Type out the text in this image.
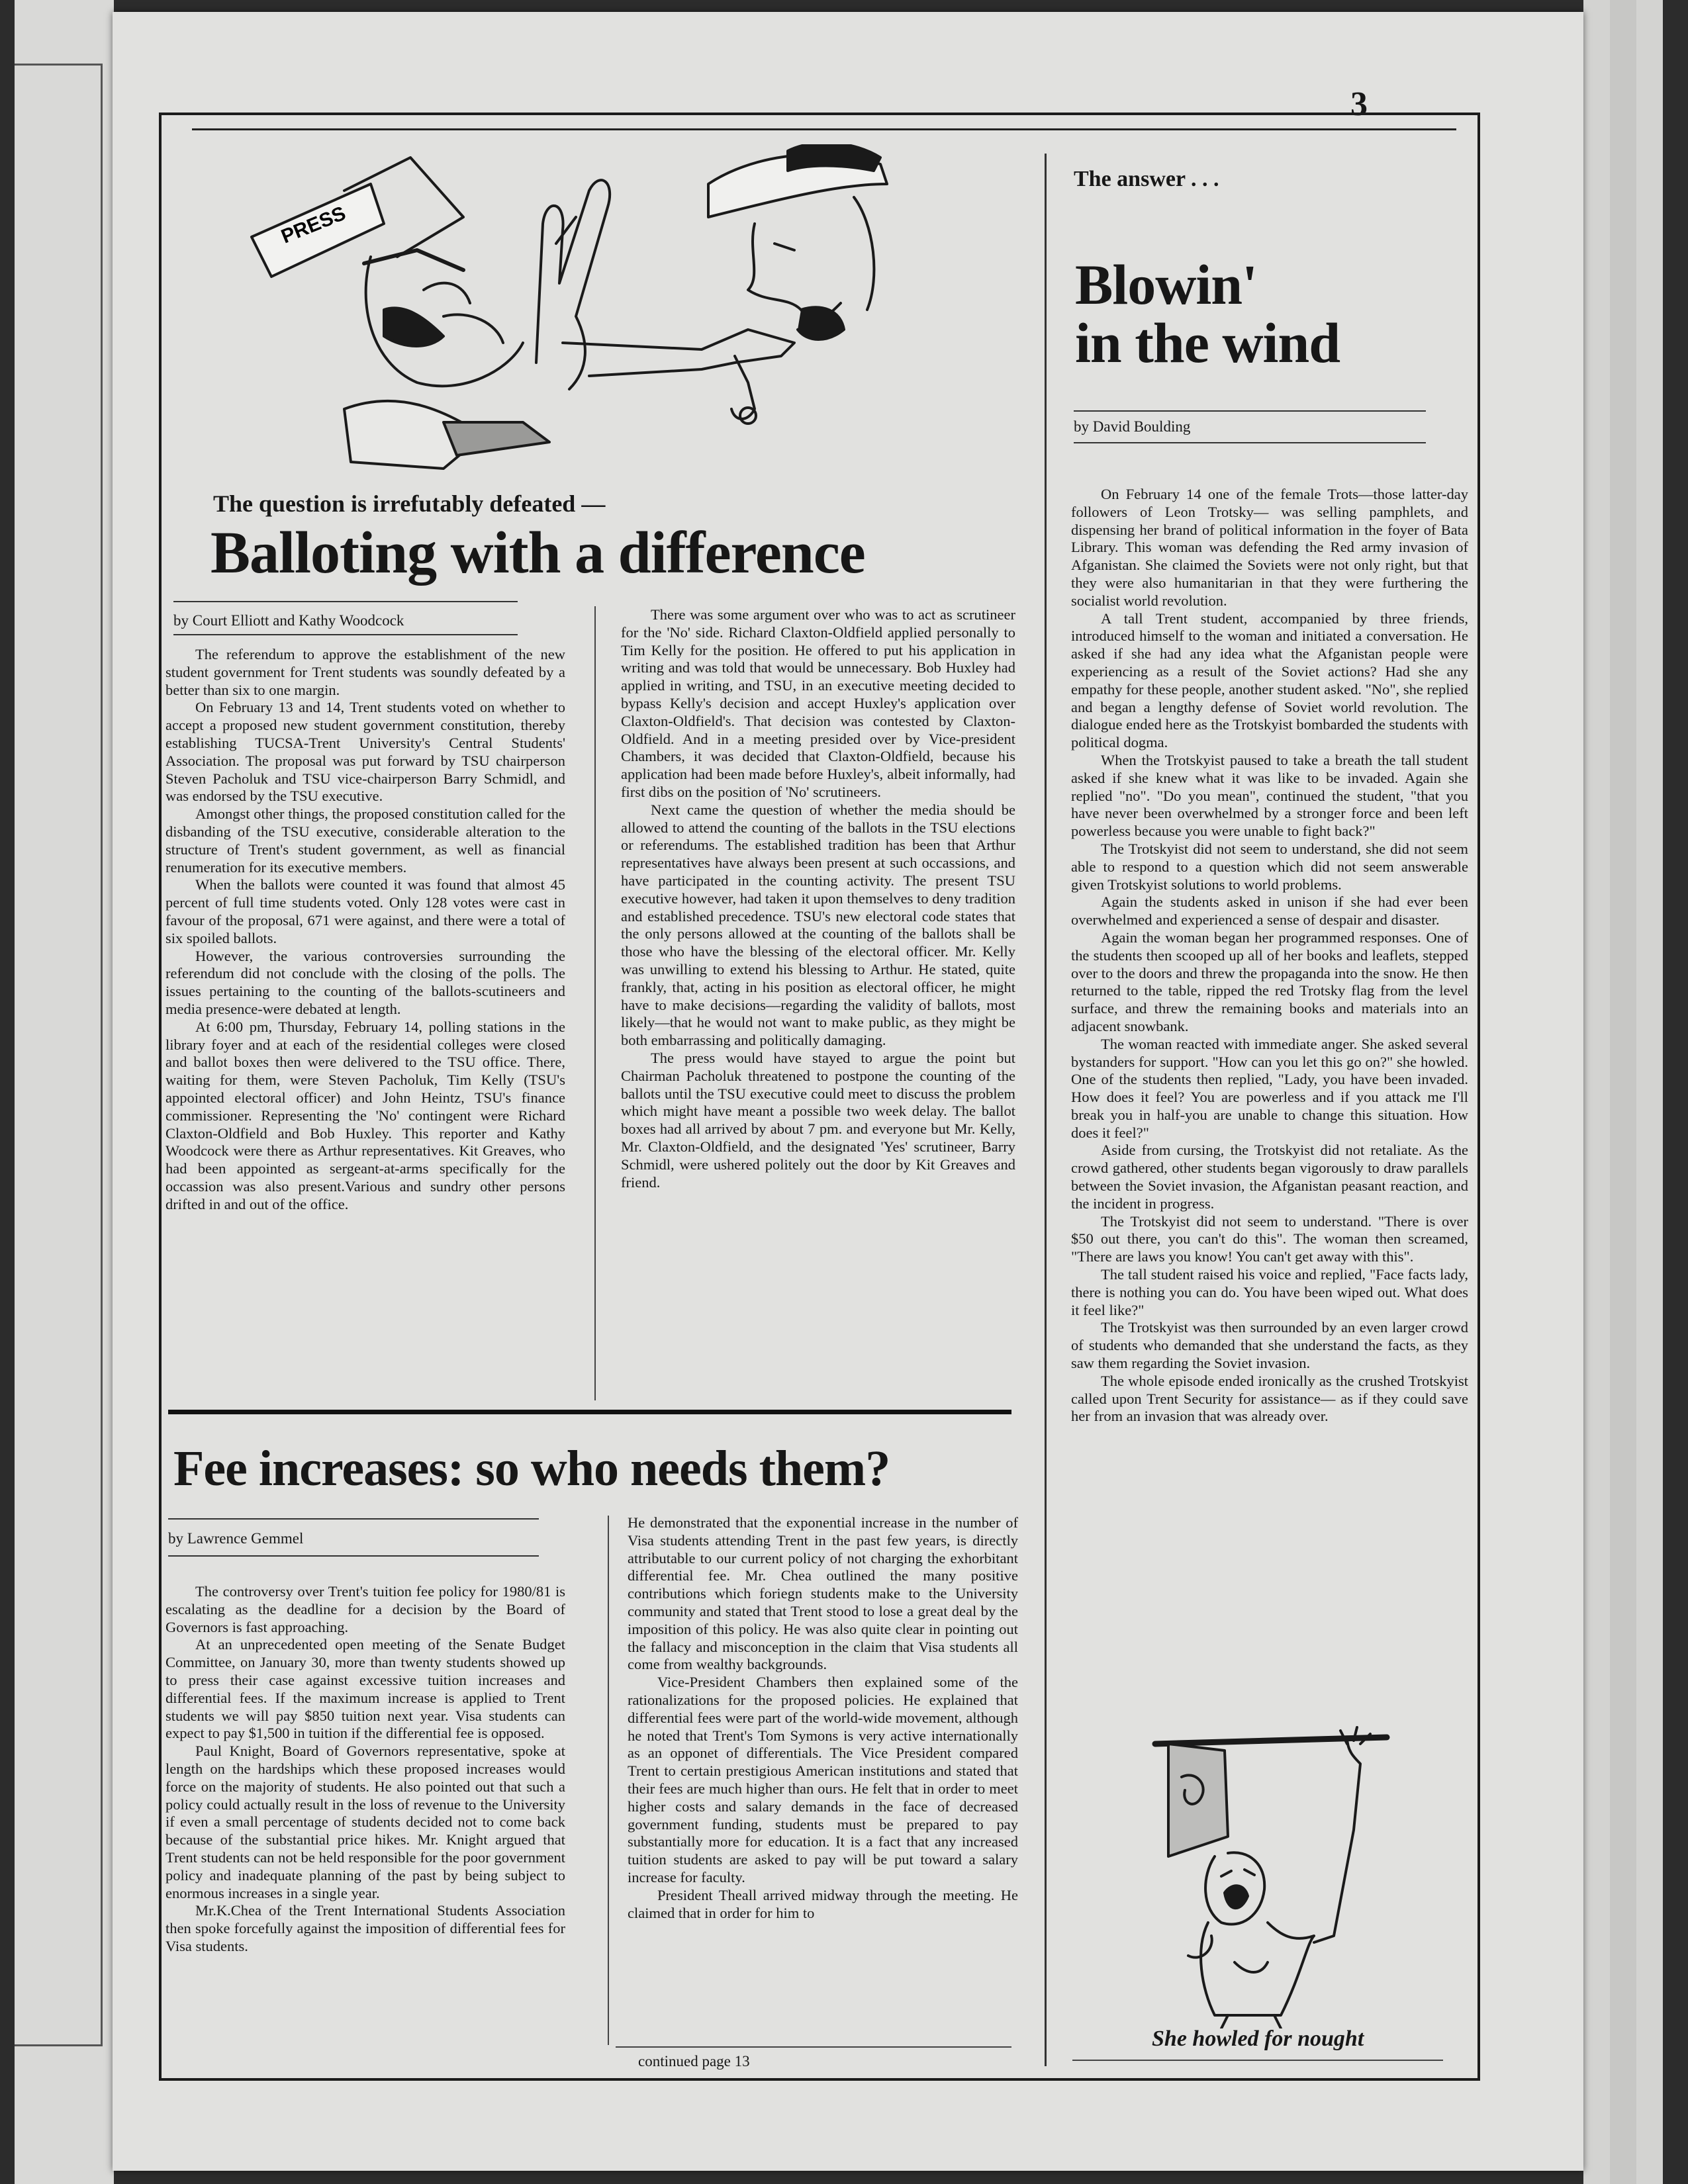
3
PRESS
The question is irrefutably defeated —
Balloting with a difference

by Court Elliott and Kathy Woodcock

The referendum to approve the establishment of the new student government for Trent students was soundly defeated by a better than six to one margin.

On February 13 and 14, Trent students voted on whether to accept a proposed new student government constitution, thereby establishing TUCSA-Trent University's Central Students' Association. The proposal was put forward by TSU chairperson Steven Pacholuk and TSU vice-chairperson Barry Schmidl, and was endorsed by the TSU executive.

Amongst other things, the proposed constitution called for the disbanding of the TSU executive, considerable alteration to the structure of Trent's student government, as well as financial renumeration for its executive members.

When the ballots were counted it was found that almost 45 percent of full time students voted. Only 128 votes were cast in favour of the proposal, 671 were against, and there were a total of six spoiled ballots.

However, the various controversies surrounding the referendum did not conclude with the closing of the polls. The issues pertaining to the counting of the ballots-scutineers and media presence-were debated at length.

At 6:00 pm, Thursday, February 14, polling stations in the library foyer and at each of the residential colleges were closed and ballot boxes then were delivered to the TSU office. There, waiting for them, were Steven Pacholuk, Tim Kelly (TSU's appointed electoral officer) and John Heintz, TSU's finance commissioner. Representing the 'No' contingent were Richard Claxton-Oldfield and Bob Huxley. This reporter and Kathy Woodcock were there as Arthur representatives. Kit Greaves, who had been appointed as sergeant-at-arms specifically for the occassion was also present.Various and sundry other persons drifted in and out of the office.

There was some argument over who was to act as scrutineer for the 'No' side. Richard Claxton-Oldfield applied personally to Tim Kelly for the position. He offered to put his application in writing and was told that would be unnecessary. Bob Huxley had applied in writing, and TSU, in an executive meeting decided to bypass Kelly's decision and accept Huxley's application over Claxton-Oldfield's. That decision was contested by Claxton-Oldfield. And in a meeting presided over by Vice-president Chambers, it was decided that Claxton-Oldfield, because his application had been made before Huxley's, albeit informally, had first dibs on the position of 'No' scrutineers.

Next came the question of whether the media should be allowed to attend the counting of the ballots in the TSU elections or referendums. The established tradition has been that Arthur representatives have always been present at such occassions, and have participated in the counting activity. The present TSU executive however, had taken it upon themselves to deny tradition and established precedence. TSU's new electoral code states that the only persons allowed at the counting of the ballots shall be those who have the blessing of the electoral officer. Mr. Kelly was unwilling to extend his blessing to Arthur. He stated, quite frankly, that, acting in his position as electoral officer, he might have to make decisions—regarding the validity of ballots, most likely—that he would not want to make public, as they might be both embarrassing and politically damaging.

The press would have stayed to argue the point but Chairman Pacholuk threatened to postpone the counting of the ballots until the TSU executive could meet to discuss the problem which might have meant a possible two week delay. The ballot boxes had all arrived by about 7 pm. and everyone but Mr. Kelly, Mr. Claxton-Oldfield, and the designated 'Yes' scrutineer, Barry Schmidl, were ushered politely out the door by Kit Greaves and friend.

Fee increases: so who needs them?

by Lawrence Gemmel

The controversy over Trent's tuition fee policy for 1980/81 is escalating as the deadline for a decision by the Board of Governors is fast approaching.

At an unprecedented open meeting of the Senate Budget Committee, on January 30, more than twenty students showed up to press their case against excessive tuition increases and differential fees. If the maximum increase is applied to Trent students we will pay $850 tuition next year. Visa students can expect to pay $1,500 in tuition if the differential fee is opposed.

Paul Knight, Board of Governors representative, spoke at length on the hardships which these proposed increases would force on the majority of students. He also pointed out that such a policy could actually result in the loss of revenue to the University if even a small percentage of students decided not to come back because of the substantial price hikes. Mr. Knight argued that Trent students can not be held responsible for the poor government policy and inadequate planning of the past by being subject to enormous increases in a single year.

Mr.K.Chea of the Trent International Students Association then spoke forcefully against the imposition of differential fees for Visa students.

He demonstrated that the exponential increase in the number of Visa students attending Trent in the past few years, is directly attributable to our current policy of not charging the exhorbitant differential fee. Mr. Chea outlined the many positive contributions which foriegn students make to the University community and stated that Trent stood to lose a great deal by the imposition of this policy. He was also quite clear in pointing out the fallacy and misconception in the claim that Visa students all come from wealthy backgrounds.

Vice-President Chambers then explained some of the rationalizations for the proposed policies. He explained that differential fees were part of the world-wide movement, although he noted that Trent's Tom Symons is very active internationally as an opponet of differentials. The Vice President compared Trent to certain prestigious American institutions and stated that their fees are much higher than ours. He felt that in order to meet higher costs and salary demands in the face of decreased government funding, students must be prepared to pay substantially more for education. It is a fact that any increased tuition students are asked to pay will be put toward a salary increase for faculty.

President Theall arrived midway through the meeting. He claimed that in order for him to

continued page 13
The answer . . .
Blowin'
in the wind

by David Boulding

On February 14 one of the female Trots—those latter-day followers of Leon Trotsky— was selling pamphlets, and dispensing her brand of political information in the foyer of Bata Library. This woman was defending the Red army invasion of Afganistan. She claimed the Soviets were not only right, but that they were also humanitarian in that they were furthering the socialist world revolution.

A tall Trent student, accompanied by three friends, introduced himself to the woman and initiated a conversation. He asked if she had any idea what the Afganistan people were experiencing as a result of the Soviet actions? Had she any empathy for these people, another student asked. "No", she replied and began a lengthy defense of Soviet world revolution. The dialogue ended here as the Trotskyist bombarded the students with political dogma.

When the Trotskyist paused to take a breath the tall student asked if she knew what it was like to be invaded. Again she replied "no". "Do you mean", continued the student, "that you have never been overwhelmed by a stronger force and been left powerless because you were unable to fight back?"

The Trotskyist did not seem to understand, she did not seem able to respond to a question which did not seem answerable given Trotskyist solutions to world problems.

Again the students asked in unison if she had ever been overwhelmed and experienced a sense of despair and disaster.

Again the woman began her programmed responses. One of the students then scooped up all of her books and leaflets, stepped over to the doors and threw the propaganda into the snow. He then returned to the table, ripped the red Trotsky flag from the level surface, and threw the remaining books and materials into an adjacent snowbank.

The woman reacted with immediate anger. She asked several bystanders for support. "How can you let this go on?" she howled. One of the students then replied, "Lady, you have been invaded. How does it feel? You are powerless and if you attack me I'll break you in half-you are unable to change this situation. How does it feel?"

Aside from cursing, the Trotskyist did not retaliate. As the crowd gathered, other students began vigorously to draw parallels between the Soviet invasion, the Afganistan peasant reaction, and the incident in progress.

The Trotskyist did not seem to understand. "There is over $50 out there, you can't do this". The woman then screamed, "There are laws you know! You can't get away with this".

The tall student raised his voice and replied, "Face facts lady, there is nothing you can do. You have been wiped out. What does it feel like?"

The Trotskyist was then surrounded by an even larger crowd of students who demanded that she understand the facts, as they saw them regarding the Soviet invasion.

The whole episode ended ironically as the crushed Trotskyist called upon Trent Security for assistance— as if they could save her from an invasion that was already over.

She howled for nought
